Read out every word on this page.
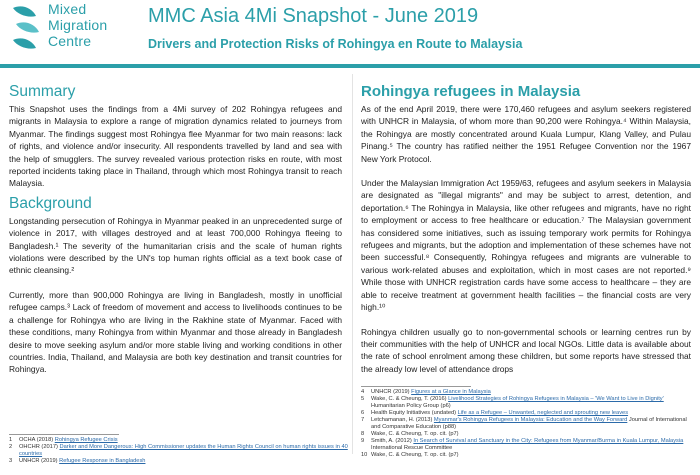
Mixed
Migration
Centre
MMC Asia 4Mi Snapshot - June 2019
Drivers and Protection Risks of Rohingya en Route to Malaysia
Summary

This Snapshot uses the findings from a 4Mi survey of 202 Rohingya refugees and migrants in Malaysia to explore a range of migration dynamics related to journeys from Myanmar. The findings suggest most Rohingya flee Myanmar for two main reasons: lack of rights, and violence and/or insecurity. All respondents travelled by land and sea with the help of smugglers. The survey revealed various protection risks en route, with most reported incidents taking place in Thailand, through which most Rohingya transit to reach Malaysia.

Background

Longstanding persecution of Rohingya in Myanmar peaked in an unprecedented surge of violence in 2017, with villages destroyed and at least 700,000 Rohingya fleeing to Bangladesh.¹ The severity of the humanitarian crisis and the scale of human rights violations were described by the UN's top human rights official as a text book case of ethnic cleansing.²

Currently, more than 900,000 Rohingya are living in Bangladesh, mostly in unofficial refugee camps.³ Lack of freedom of movement and access to livelihoods continues to be a challenge for Rohingya who are living in the Rakhine state of Myanmar. Faced with these conditions, many Rohingya from within Myanmar and those already in Bangladesh desire to move seeking asylum and/or more stable living and working conditions in other countries. India, Thailand, and Malaysia are both key destination and transit countries for Rohingya.

Rohingya refugees in Malaysia

As of the end April 2019, there were 170,460 refugees and asylum seekers registered with UNHCR in Malaysia, of whom more than 90,200 were Rohingya.⁴ Within Malaysia, the Rohingya are mostly concentrated around Kuala Lumpur, Klang Valley, and Pulau Pinang.⁵ The country has ratified neither the 1951 Refugee Convention nor the 1967 New York Protocol.

Under the Malaysian Immigration Act 1959/63, refugees and asylum seekers in Malaysia are designated as "illegal migrants" and may be subject to arrest, detention, and deportation.⁶ The Rohingya in Malaysia, like other refugees and migrants, have no right to employment or access to free healthcare or education.⁷ The Malaysian government has considered some initiatives, such as issuing temporary work permits for Rohingya refugees and migrants, but the adoption and implementation of these schemes have not been successful.⁸ Consequently, Rohingya refugees and migrants are vulnerable to various work-related abuses and exploitation, which in most cases are not reported.⁹ While those with UNHCR registration cards have some access to healthcare – they are able to receive treatment at government health facilities – the financial costs are very high.¹⁰

Rohingya children usually go to non-governmental schools or learning centres run by their communities with the help of UNHCR and local NGOs. Little data is available about the rate of school enrolment among these children, but some reports have stressed that the already low level of attendance drops

1	OCHA (2018) Rohingya Refugee Crisis
2	OHCHR (2017) Darker and More Dangerous: High Commissioner updates the Human Rights Council on human rights issues in 40 countries
3	UNHCR (2019) Refugee Response in Bangladesh
4	UNHCR (2019) Figures at a Glance in Malaysia
5	Wake, C. & Cheung, T. (2016) Livelihood Strategies of Rohingya Refugees in Malaysia – 'We Want to Live in Dignity' Humanitarian Policy Group (p6)
6	Health Equity Initiatives (undated) Life as a Refugee – Unwanted, neglected and sprouting new leaves
7	Letchamanan, H. (2013) Myanmar's Rohingya Refugees in Malaysia: Education and the Way Forward Journal of International and Comparative Education (p88)
8	Wake, C. & Cheung, T. op. cit. (p7)
9	Smith, A. (2012) In Search of Survival and Sanctuary in the City: Refugees from Myanmar/Burma in Kuala Lumpur, Malaysia International Rescue Committee
10 Wake, C. & Cheung, T. op. cit. (p7)
